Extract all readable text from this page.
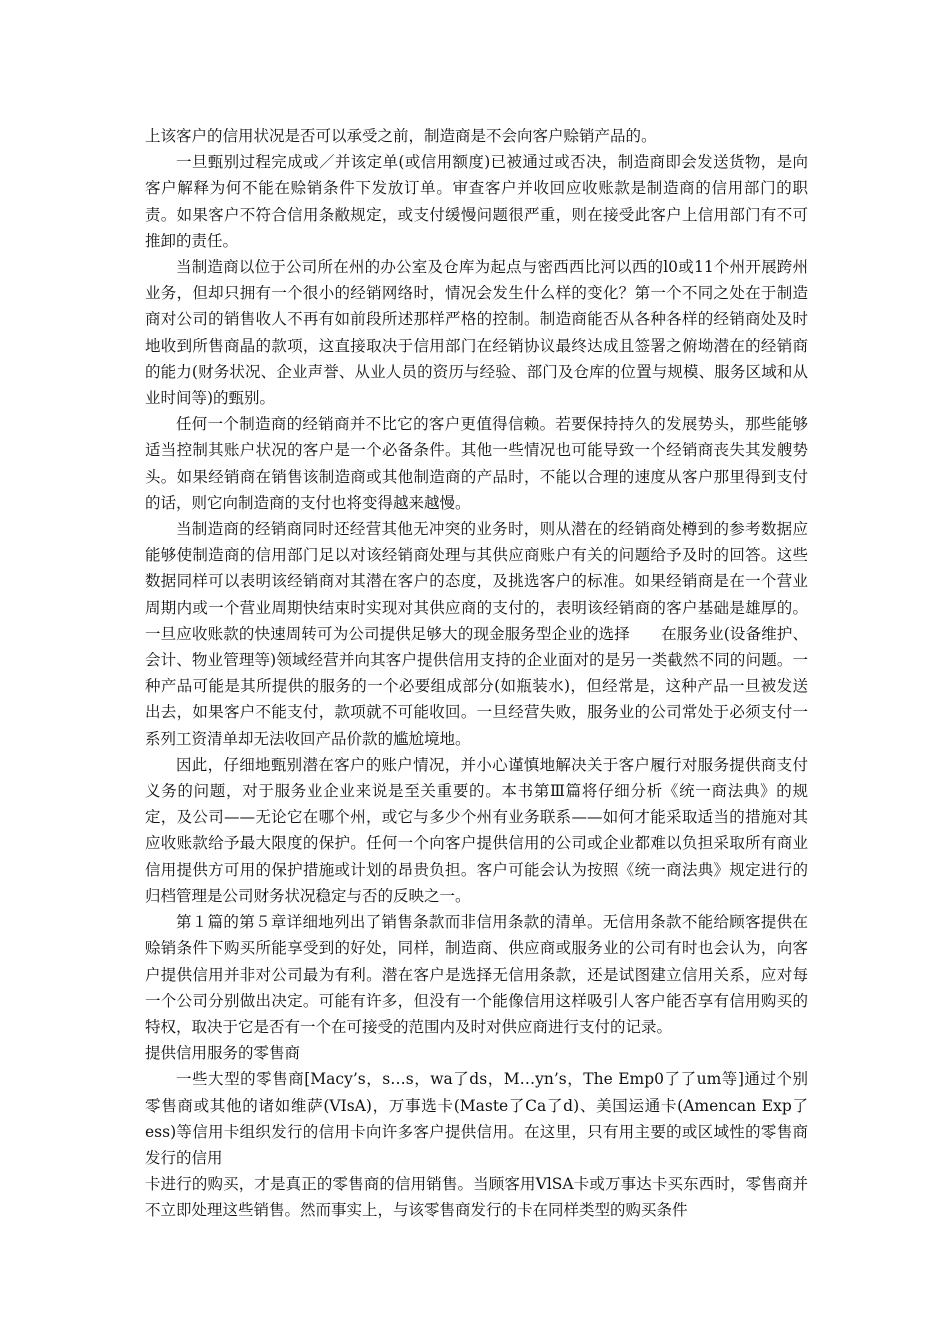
上该客户的信用状况是否可以承受之前，制造商是不会向客户赊销产品的。

一旦甄别过程完成或／并该定单(或信用额度)已被通过或否决，制造商即会发送货物，是向客户解释为何不能在赊销条件下发放订单。审查客户并收回应收账款是制造商的信用部门的职责。如果客户不符合信用条敝规定，或支付缓慢问题很严重，则在接受此客户上信用部门有不可推卸的责任。

当制造商以位于公司所在州的办公室及仓库为起点与密西西比河以西的l0或11个州开展跨州业务，但却只拥有一个很小的经销网络时，情况会发生什么样的变化？第一个不同之处在于制造商对公司的销售收人不再有如前段所述那样严格的控制。制造商能否从各种各样的经销商处及时地收到所售商晶的款项，这直接取决于信用部门在经销协议最终达成且签署之俯坳潜在的经销商的能力(财务状况、企业声誉、从业人员的资历与经验、部门及仓库的位置与规模、服务区域和从业时间等)的甄别。

任何一个制造商的经销商并不比它的客户更值得信赖。若要保持持久的发展势头，那些能够适当控制其账户状况的客户是一个必备条件。其他一些情况也可能导致一个经销商丧失其发艘势头。如果经销商在销售该制造商或其他制造商的产品时，不能以合理的速度从客户那里得到支付的话，则它向制造商的支付也将变得越来越慢。

当制造商的经销商同时还经营其他无冲突的业务时，则从潜在的经销商处樽到的参考数据应能够使制造商的信用部门足以对该经销商处理与其供应商账户有关的问题给予及时的回答。这些数据同样可以表明该经销商对其潜在客户的态度，及挑选客户的标准。如果经销商是在一个营业周期内或一个营业周期快结束时实现对其供应商的支付的，表明该经销商的客户基础是雄厚的。一旦应收账款的快速周转可为公司提供足够大的现金服务型企业的选择　　在服务业(设备维护、会计、物业管理等)领域经营并向其客户提供信用支持的企业面对的是另一类截然不同的问题。一种产品可能是其所提供的服务的一个必要组成部分(如瓶装水)，但经常是，这种产品一旦被发送出去，如果客户不能支付，款项就不可能收回。一旦经营失败，服务业的公司常处于必须支付一系列工资清单却无法收回产品价款的尴尬境地。

因此，仔细地甄别潜在客户的账户情况，并小心谨慎地解决关于客户履行对服务提供商支付义务的问题，对于服务业企业来说是至关重要的。本书第Ⅲ篇将仔细分析《统一商法典》的规定，及公司——无论它在哪个州，或它与多少个州有业务联系——如何才能采取适当的措施对其应收账款给予最大限度的保护。任何一个向客户提供信用的公司或企业都难以负担采取所有商业信用提供方可用的保护措施或计划的昂贵负担。客户可能会认为按照《统一商法典》规定进行的归档管理是公司财务状况稳定与否的反映之一。

第１篇的第５章详细地列出了销售条款而非信用条款的清单。无信用条款不能给顾客提供在赊销条件下购买所能享受到的好处，同样，制造商、供应商或服务业的公司有时也会认为，向客户提供信用并非对公司最为有利。潜在客户是选择无信用条款，还是试图建立信用关系，应对每一个公司分别做出决定。可能有许多，但没有一个能像信用这样吸引人客户能否享有信用购买的特权，取决于它是否有一个在可接受的范围内及时对供应商进行支付的记录。

提供信用服务的零售商

一些大型的零售商[Macy’s，s…s，wa了ds，M…yn’s，The Emp0了了um等]通过个别零售商或其他的诸如维萨(VIsA)，万事选卡(Maste了Ca了d)、美国运通卡(Amencan Exp了ess)等信用卡组织发行的信用卡向许多客户提供信用。在这里，只有用主要的或区域性的零售商发行的信用

卡进行的购买，才是真正的零售商的信用销售。当顾客用VlSA卡或万事达卡买东西时，零售商并不立即处理这些销售。然而事实上，与该零售商发行的卡在同样类型的购买条件
